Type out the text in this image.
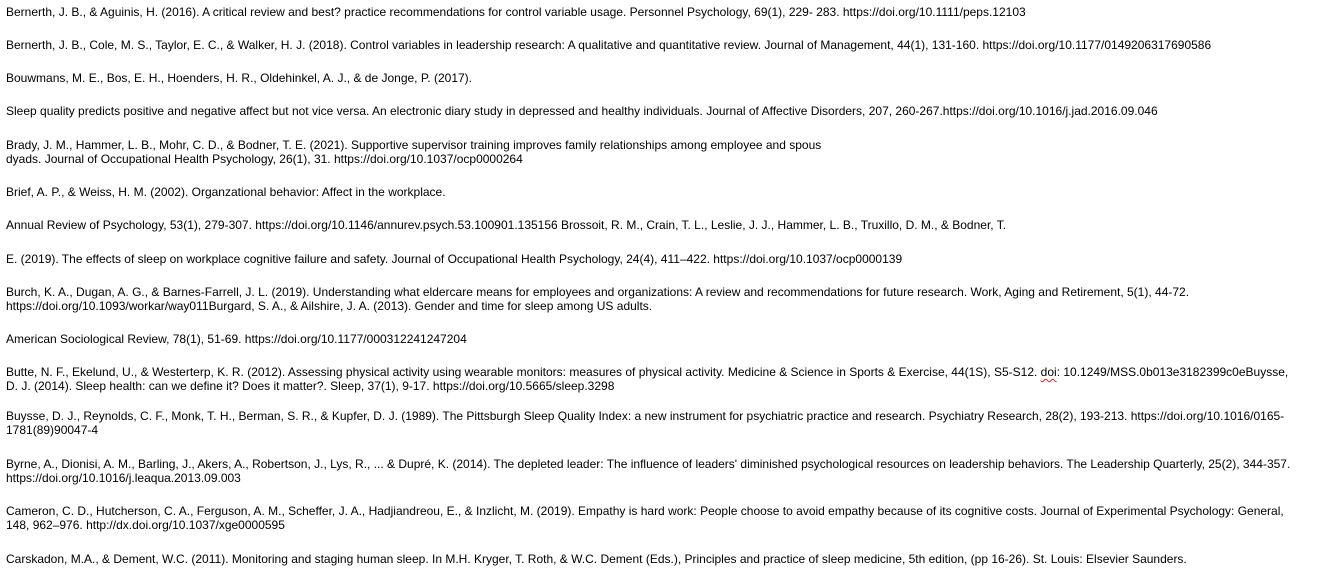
Bernerth, J. B., & Aguinis, H. (2016). A critical review and best? practice recommendations for control variable usage. Personnel Psychology, 69(1), 229- 283. https://doi.org/10.1111/peps.12103

Bernerth, J. B., Cole, M. S., Taylor, E. C., & Walker, H. J. (2018). Control variables in leadership research: A qualitative and quantitative review. Journal of Management, 44(1), 131-160. https://doi.org/10.1177/0149206317690586

Bouwmans, M. E., Bos, E. H., Hoenders, H. R., Oldehinkel, A. J., & de Jonge, P. (2017).

Sleep quality predicts positive and negative affect but not vice versa. An electronic diary study in depressed and healthy individuals. Journal of Affective Disorders, 207, 260-267.https://doi.org/10.1016/j.jad.2016.09.046

Brady, J. M., Hammer, L. B., Mohr, C. D., & Bodner, T. E. (2021). Supportive supervisor training improves family relationships among employee and spous
dyads. Journal of Occupational Health Psychology, 26(1), 31. https://doi.org/10.1037/ocp0000264

Brief, A. P., & Weiss, H. M. (2002). Organzational behavior: Affect in the workplace.

Annual Review of Psychology, 53(1), 279-307. https://doi.org/10.1146/annurev.psych.53.100901.135156 Brossoit, R. M., Crain, T. L., Leslie, J. J., Hammer, L. B., Truxillo, D. M., & Bodner, T.

E. (2019). The effects of sleep on workplace cognitive failure and safety. Journal of Occupational Health Psychology, 24(4), 411–422. https://doi.org/10.1037/ocp0000139

Burch, K. A., Dugan, A. G., & Barnes-Farrell, J. L. (2019). Understanding what eldercare means for employees and organizations: A review and recommendations for future research. Work, Aging and Retirement, 5(1), 44-72.
https://doi.org/10.1093/workar/way011Burgard, S. A., & Ailshire, J. A. (2013). Gender and time for sleep among US adults.

American Sociological Review, 78(1), 51-69. https://doi.org/10.1177/000312241247204

Butte, N. F., Ekelund, U., & Westerterp, K. R. (2012). Assessing physical activity using wearable monitors: measures of physical activity. Medicine & Science in Sports & Exercise, 44(1S), S5-S12. doi: 10.1249/MSS.0b013e3182399c0eBuysse,
D. J. (2014). Sleep health: can we define it? Does it matter?. Sleep, 37(1), 9-17. https://doi.org/10.5665/sleep.3298

Buysse, D. J., Reynolds, C. F., Monk, T. H., Berman, S. R., & Kupfer, D. J. (1989). The Pittsburgh Sleep Quality Index: a new instrument for psychiatric practice and research. Psychiatry Research, 28(2), 193-213. https://doi.org/10.1016/0165-
1781(89)90047-4

Byrne, A., Dionisi, A. M., Barling, J., Akers, A., Robertson, J., Lys, R., ... & Dupré, K. (2014). The depleted leader: The influence of leaders' diminished psychological resources on leadership behaviors. The Leadership Quarterly, 25(2), 344-357.
https://doi.org/10.1016/j.leaqua.2013.09.003

Cameron, C. D., Hutcherson, C. A., Ferguson, A. M., Scheffer, J. A., Hadjiandreou, E., & Inzlicht, M. (2019). Empathy is hard work: People choose to avoid empathy because of its cognitive costs. Journal of Experimental Psychology: General,
148, 962–976. http://dx.doi.org/10.1037/xge0000595

Carskadon, M.A., & Dement, W.C. (2011). Monitoring and staging human sleep. In M.H. Kryger, T. Roth, & W.C. Dement (Eds.), Principles and practice of sleep medicine, 5th edition, (pp 16-26). St. Louis: Elsevier Saunders.
